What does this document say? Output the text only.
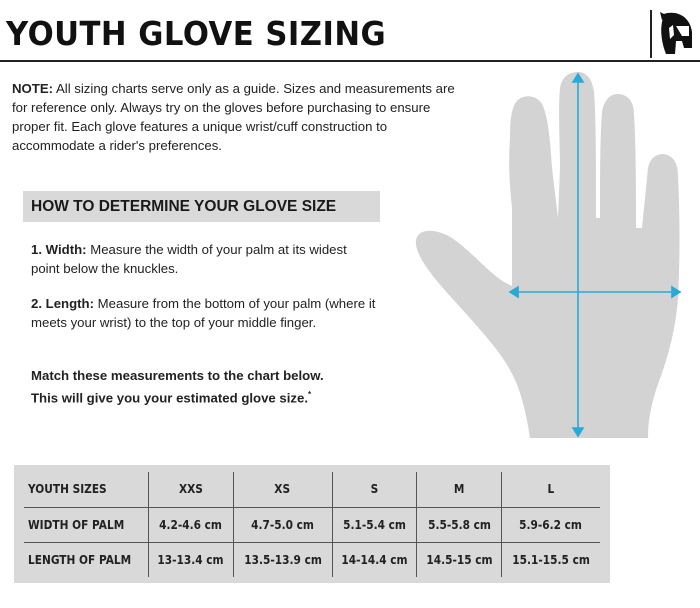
YOUTH GLOVE SIZING
NOTE: All sizing charts serve only as a guide. Sizes and measurements are for reference only. Always try on the gloves before purchasing to ensure proper fit. Each glove features a unique wrist/cuff construction to accommodate a rider's preferences.
HOW TO DETERMINE YOUR GLOVE SIZE
1. Width: Measure the width of your palm at its widest point below the knuckles.
2. Length: Measure from the bottom of your palm (where it meets your wrist) to the top of your middle finger.
Match these measurements to the chart below.
This will give you your estimated glove size.*
YOUTH SIZES	XXS	XS	S	M	L
WIDTH OF PALM	4.2-4.6 cm	4.7-5.0 cm	5.1-5.4 cm	5.5-5.8 cm	5.9-6.2 cm
LENGTH OF PALM	13-13.4 cm	13.5-13.9 cm	14-14.4 cm	14.5-15 cm	15.1-15.5 cm
